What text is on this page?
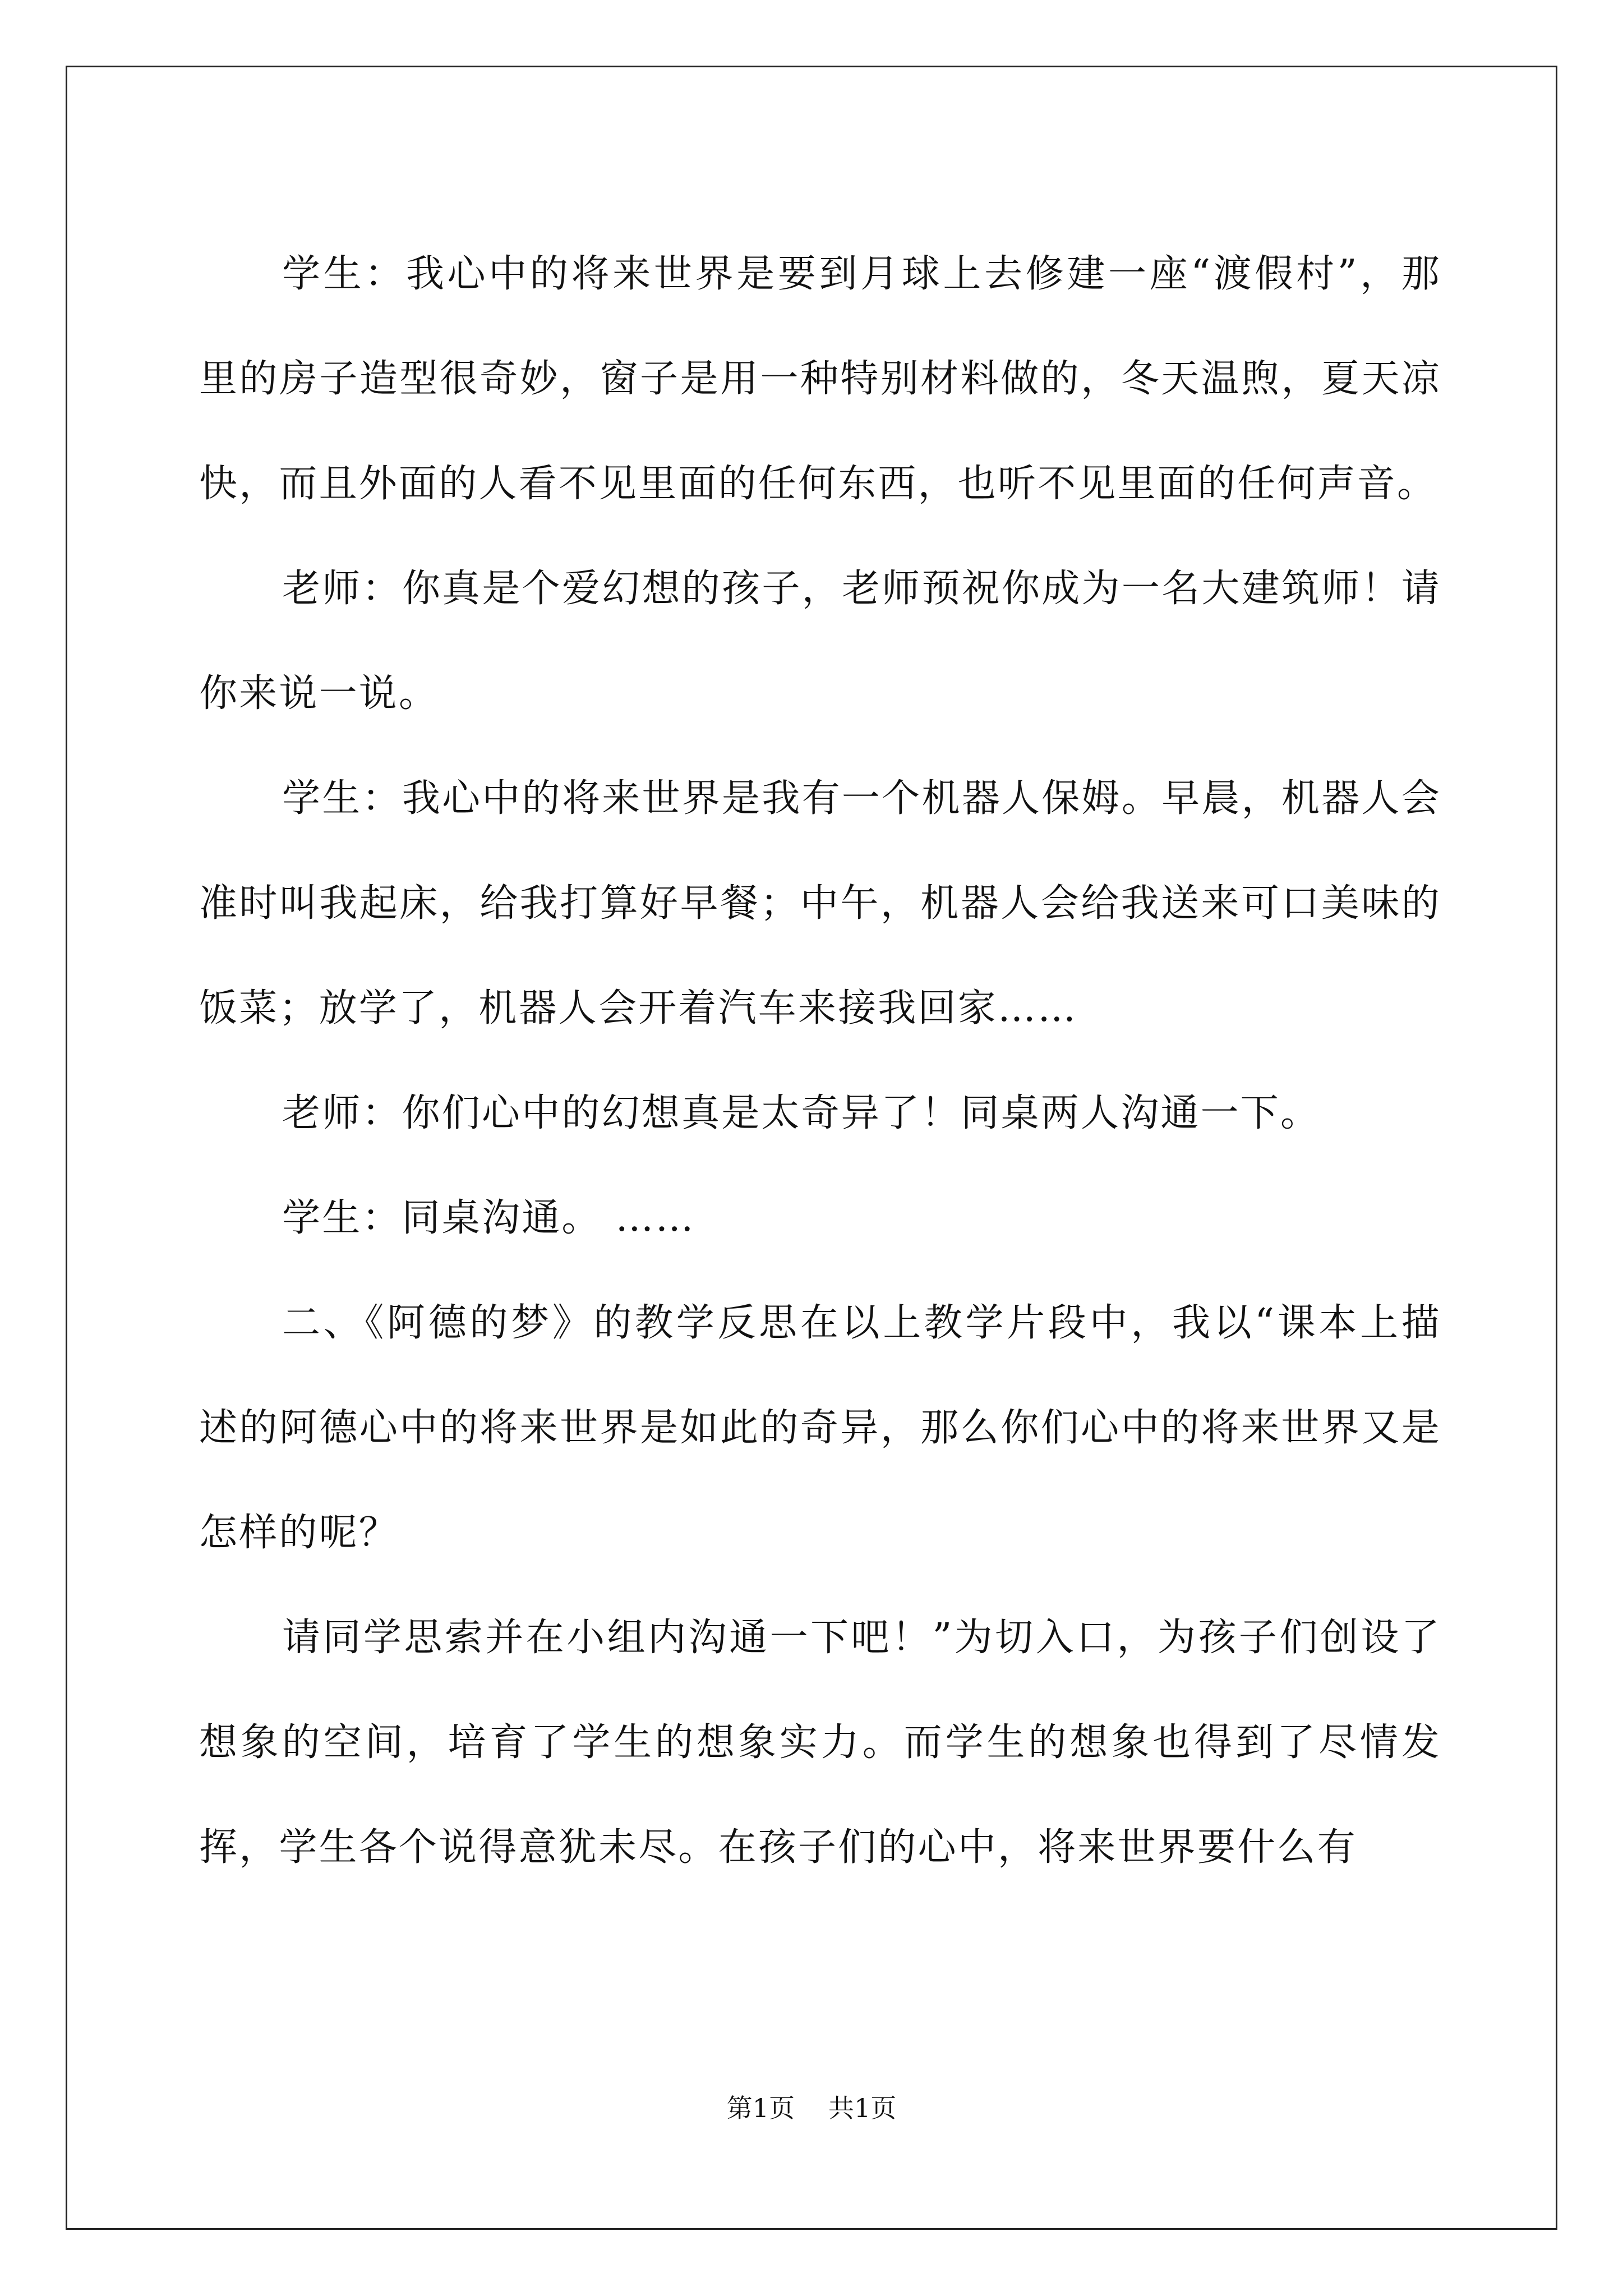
学生：我心中的将来世界是要到月球上去修建一座“渡假村”，那里的房子造型很奇妙，窗子是用一种特别材料做的，冬天温煦，夏天凉快，而且外面的人看不见里面的任何东西，也听不见里面的任何声音。

老师：你真是个爱幻想的孩子，老师预祝你成为一名大建筑师！请你来说一说。

学生：我心中的将来世界是我有一个机器人保姆。早晨，机器人会准时叫我起床，给我打算好早餐；中午，机器人会给我送来可口美味的饭菜；放学了，机器人会开着汽车来接我回家……

老师：你们心中的幻想真是太奇异了！同桌两人沟通一下。

学生：同桌沟通。 ……

二、《阿德的梦》的教学反思在以上教学片段中，我以“课本上描述的阿德心中的将来世界是如此的奇异，那么你们心中的将来世界又是怎样的呢？

请同学思索并在小组内沟通一下吧！”为切入口，为孩子们创设了想象的空间，培育了学生的想象实力。而学生的想象也得到了尽情发挥，学生各个说得意犹未尽。在孩子们的心中，将来世界要什么有

第1页 共1页
